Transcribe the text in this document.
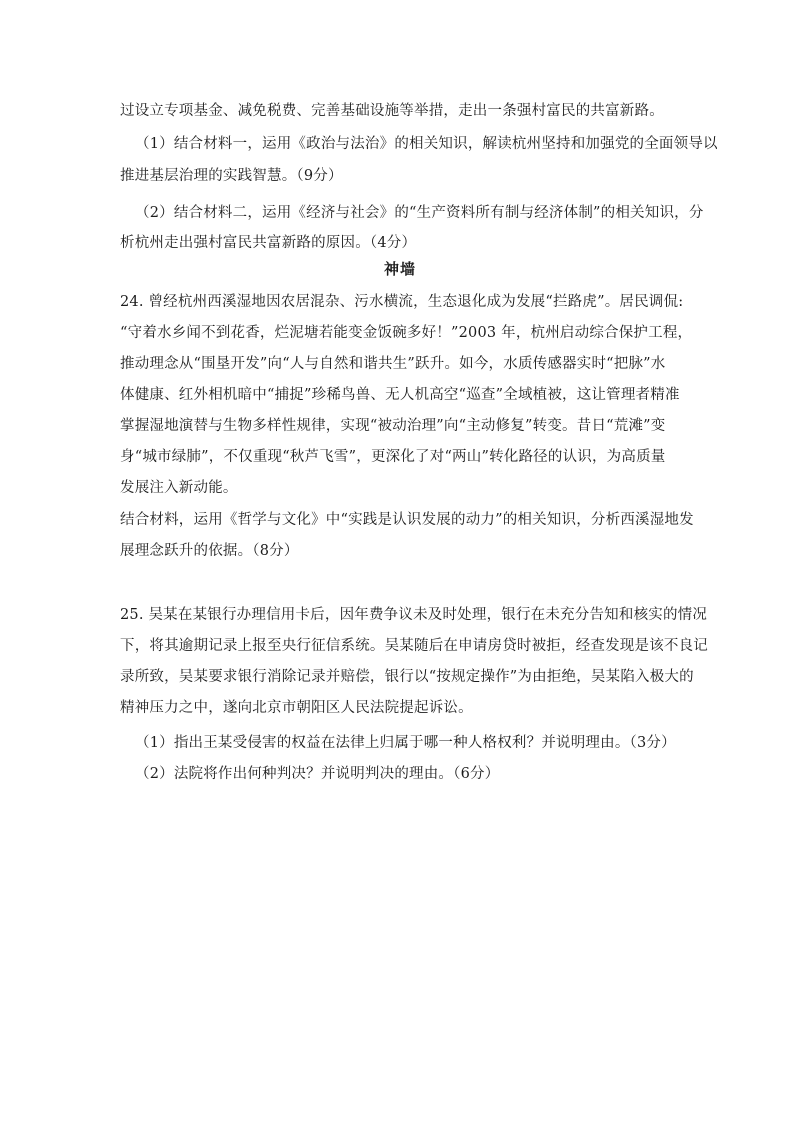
过设立专项基金、减免税费、完善基础设施等举措，走出一条强村富民的共富新路。
（1）结合材料一，运用《政治与法治》的相关知识，解读杭州坚持和加强党的全面领导以
推进基层治理的实践智慧。（9分）
（2）结合材料二，运用《经济与社会》的“生产资料所有制与经济体制”的相关知识，分
析杭州走出强村富民共富新路的原因。（4分）
神墙
24. 曾经杭州西溪湿地因农居混杂、污水横流，生态退化成为发展“拦路虎”。居民调侃:
“守着水乡闻不到花香，烂泥塘若能变金饭碗多好！”2003 年，杭州启动综合保护工程，
推动理念从“围垦开发”向“人与自然和谐共生”跃升。如今，水质传感器实时“把脉”水
体健康、红外相机暗中“捕捉”珍稀鸟兽、无人机高空“巡查”全域植被，这让管理者精准
掌握湿地演替与生物多样性规律，实现“被动治理”向“主动修复”转变。昔日“荒滩”变
身“城市绿肺”，不仅重现“秋芦飞雪”，更深化了对“两山”转化路径的认识，为高质量
发展注入新动能。
结合材料，运用《哲学与文化》中“实践是认识发展的动力”的相关知识，分析西溪湿地发
展理念跃升的依据。（8分）
25. 吴某在某银行办理信用卡后，因年费争议未及时处理，银行在未充分告知和核实的情况
下，将其逾期记录上报至央行征信系统。吴某随后在申请房贷时被拒，经查发现是该不良记
录所致，吴某要求银行消除记录并赔偿，银行以“按规定操作”为由拒绝，吴某陷入极大的
精神压力之中，遂向北京市朝阳区人民法院提起诉讼。
（1）指出王某受侵害的权益在法律上归属于哪一种人格权利？并说明理由。（3分）
（2）法院将作出何种判决？并说明判决的理由。（6分）
